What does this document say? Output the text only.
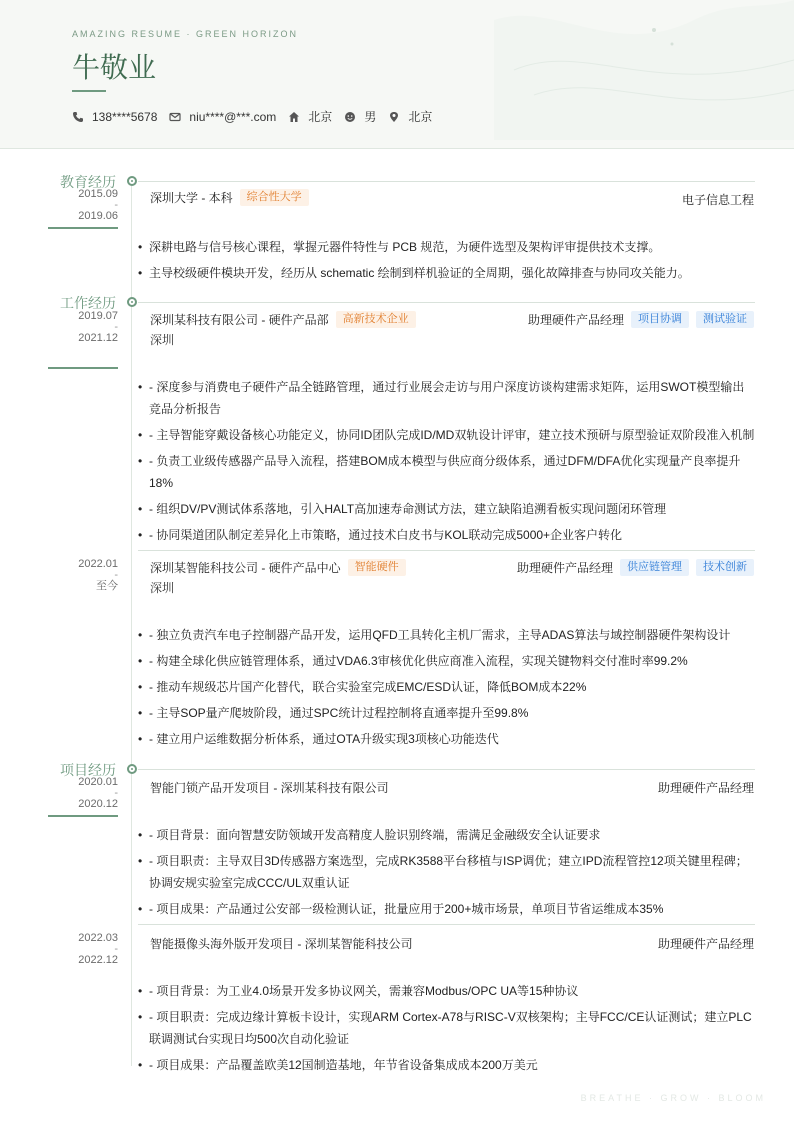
AMAZING RESUME · GREEN HORIZON
牛敬业
138****5678	niu****@***.com	北京	男	北京
教育经历
2015.09
-
2019.06
深圳大学 - 本科	综合性大学	电子信息工程
• 深耕电路与信号核心课程，掌握元器件特性与 PCB 规范，为硬件选型及架构评审提供技术支撑。
• 主导校级硬件模块开发，经历从 schematic 绘制到样机验证的全周期，强化故障排查与协同攻关能力。
工作经历
2019.07
-
2021.12
深圳某科技有限公司 - 硬件产品部	高新技术企业
深圳
助理硬件产品经理	项目协调	测试验证
• - 深度参与消费电子硬件产品全链路管理，通过行业展会走访与用户深度访谈构建需求矩阵，运用SWOT模型输出竞品分析报告
• - 主导智能穿戴设备核心功能定义，协同ID团队完成ID/MD双轨设计评审，建立技术预研与原型验证双阶段准入机制
• - 负责工业级传感器产品导入流程，搭建BOM成本模型与供应商分级体系，通过DFM/DFA优化实现量产良率提升18%
• - 组织DV/PV测试体系落地，引入HALT高加速寿命测试方法，建立缺陷追溯看板实现问题闭环管理
• - 协同渠道团队制定差异化上市策略，通过技术白皮书与KOL联动完成5000+企业客户转化
2022.01
-
至今
深圳某智能科技公司 - 硬件产品中心	智能硬件
深圳
助理硬件产品经理	供应链管理	技术创新
• - 独立负责汽车电子控制器产品开发，运用QFD工具转化主机厂需求，主导ADAS算法与域控制器硬件架构设计
• - 构建全球化供应链管理体系，通过VDA6.3审核优化供应商准入流程，实现关键物料交付准时率99.2%
• - 推动车规级芯片国产化替代，联合实验室完成EMC/ESD认证，降低BOM成本22%
• - 主导SOP量产爬坡阶段，通过SPC统计过程控制将直通率提升至99.8%
• - 建立用户运维数据分析体系，通过OTA升级实现3项核心功能迭代
项目经历
2020.01
-
2020.12
智能门锁产品开发项目 - 深圳某科技有限公司	助理硬件产品经理
• - 项目背景：面向智慧安防领域开发高精度人脸识别终端，需满足金融级安全认证要求
• - 项目职责：主导双目3D传感器方案选型，完成RK3588平台移植与ISP调优；建立IPD流程管控12项关键里程碑；协调安规实验室完成CCC/UL双重认证
• - 项目成果：产品通过公安部一级检测认证，批量应用于200+城市场景，单项目节省运维成本35%
2022.03
-
2022.12
智能摄像头海外版开发项目 - 深圳某智能科技公司	助理硬件产品经理
• - 项目背景：为工业4.0场景开发多协议网关，需兼容Modbus/OPC UA等15种协议
• - 项目职责：完成边缘计算板卡设计，实现ARM Cortex-A78与RISC-V双核架构；主导FCC/CE认证测试；建立PLC联调测试台实现日均500次自动化验证
• - 项目成果：产品覆盖欧美12国制造基地，年节省设备集成成本200万美元
BREATHE · GROW · BLOOM
